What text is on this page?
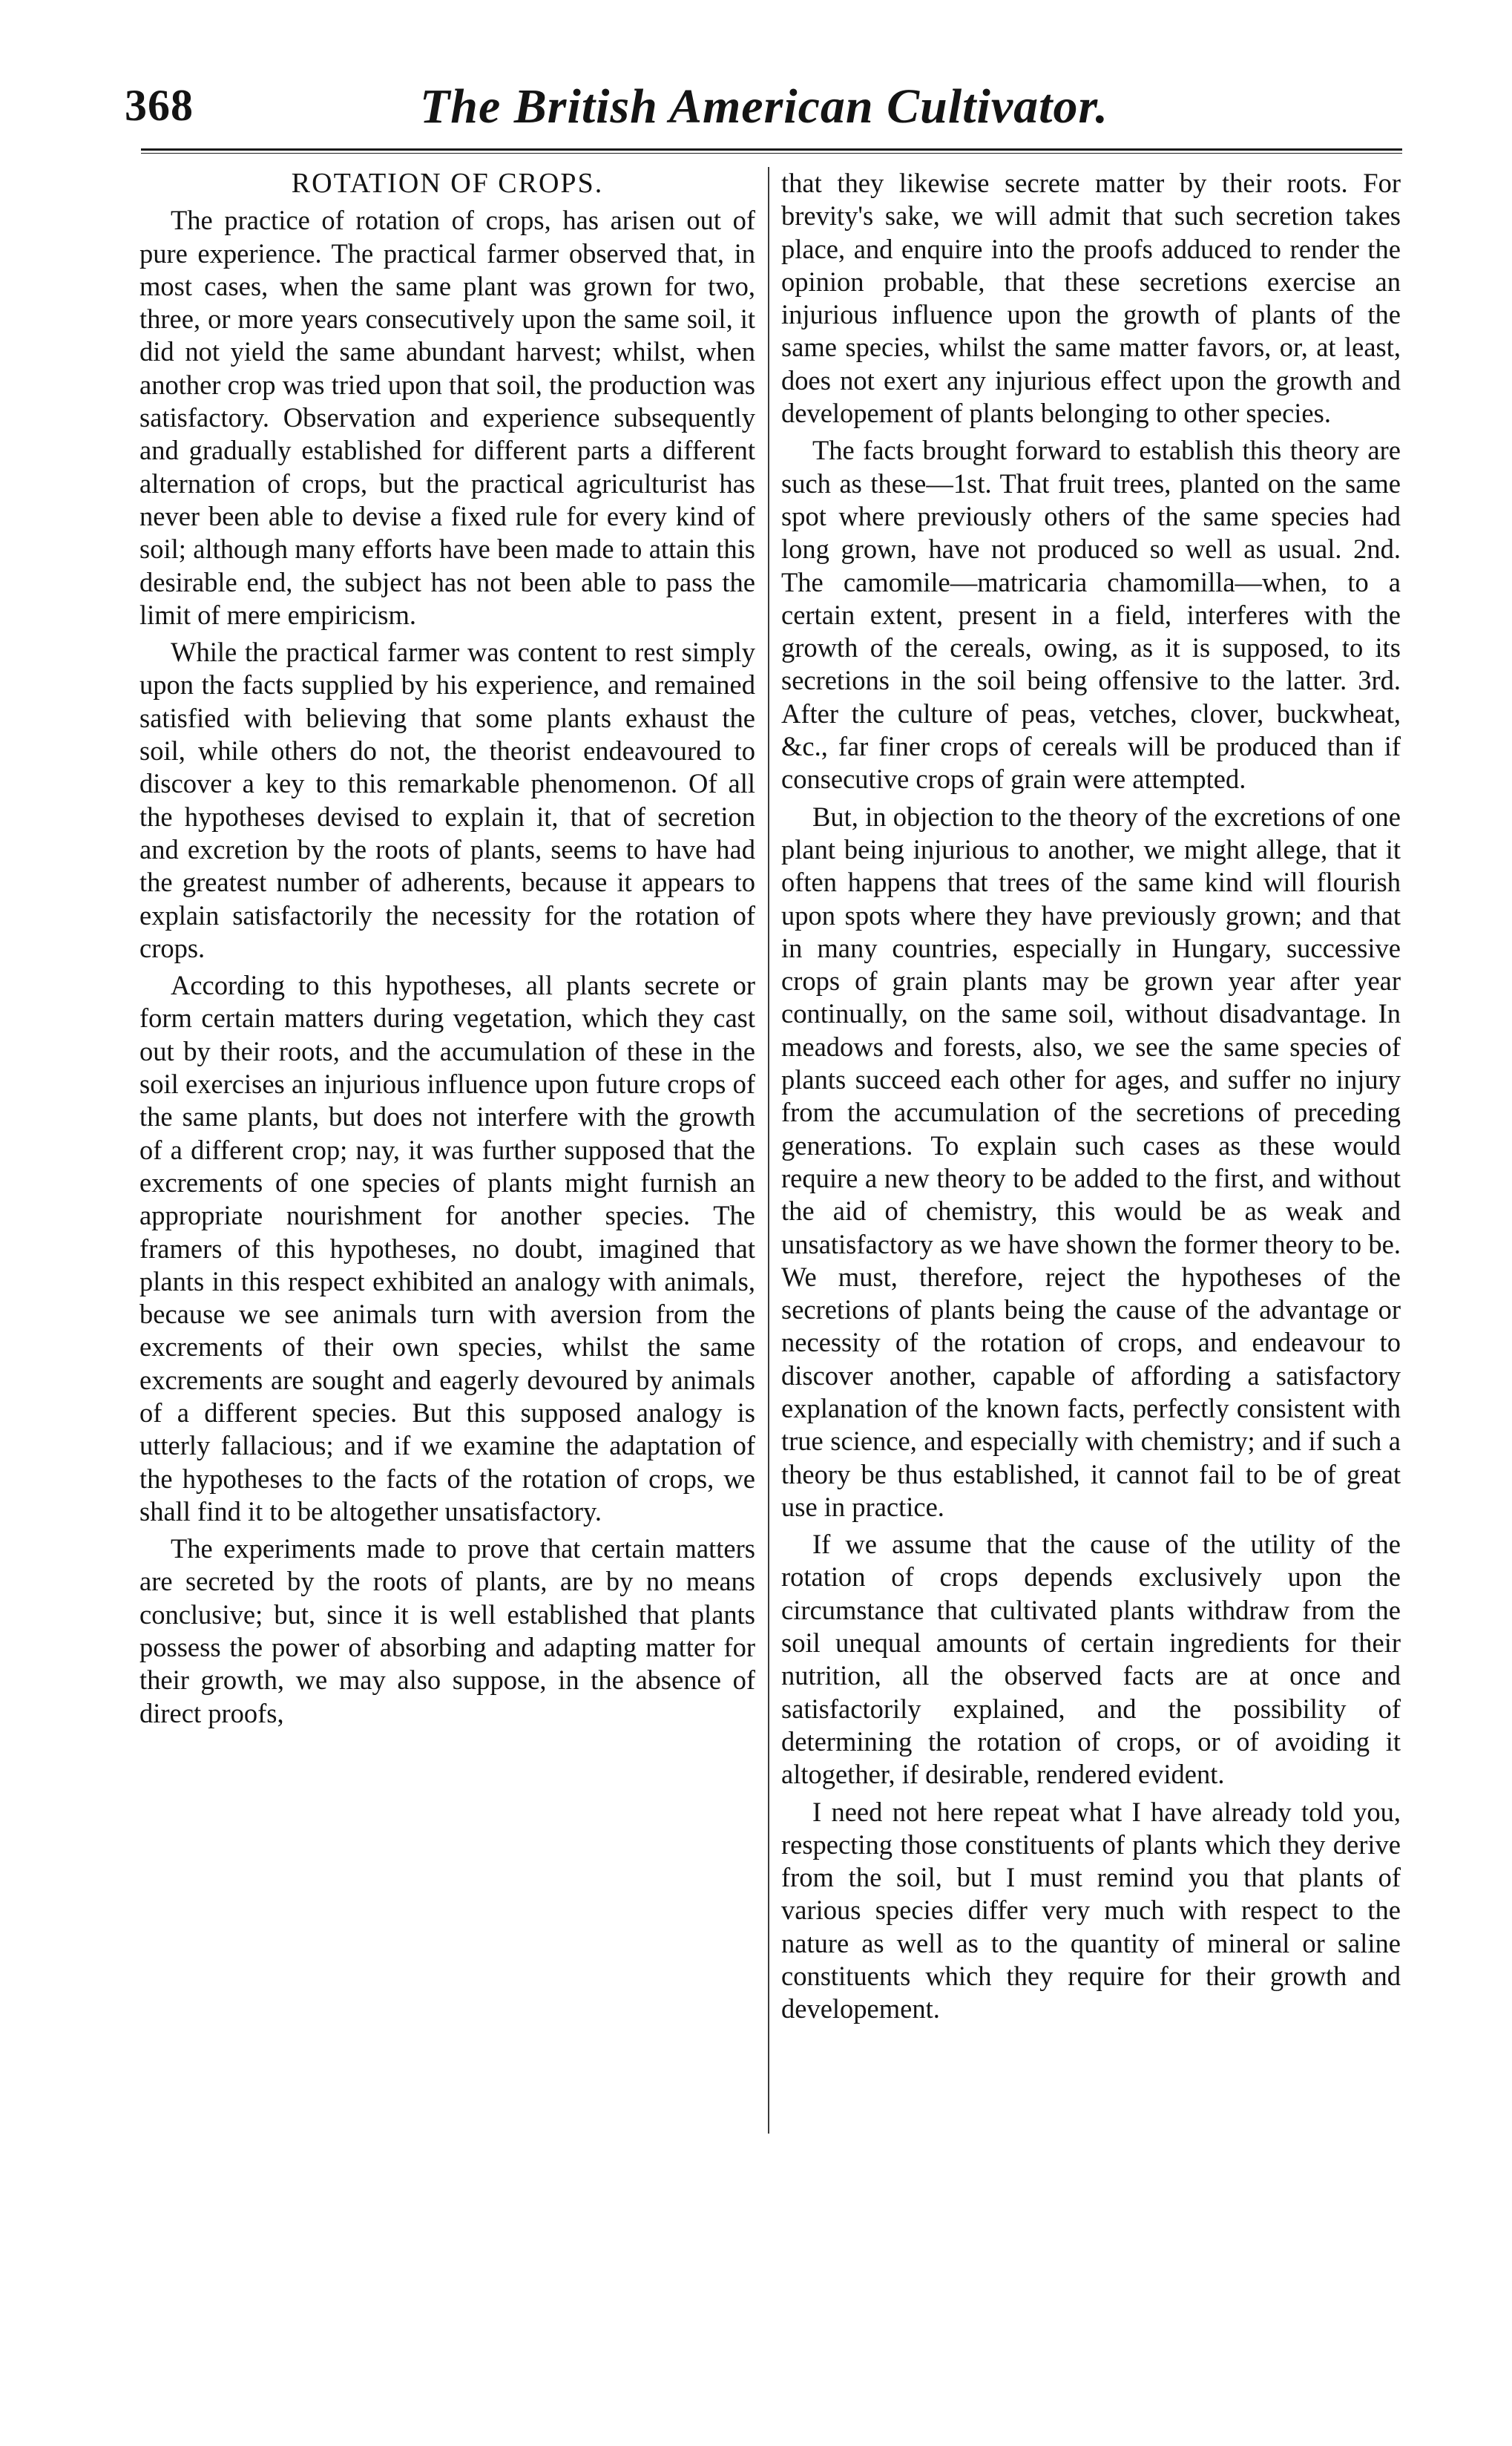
368	The British American Cultivator.
ROTATION OF CROPS.

The practice of rotation of crops, has arisen out of pure experience. The practical farmer observed that, in most cases, when the same plant was grown for two, three, or more years consecutively upon the same soil, it did not yield the same abundant harvest; whilst, when another crop was tried upon that soil, the production was satisfactory. Observation and experience subsequently and gradually established for different parts a different alternation of crops, but the practical agriculturist has never been able to devise a fixed rule for every kind of soil; although many efforts have been made to attain this desirable end, the subject has not been able to pass the limit of mere empiricism.

While the practical farmer was content to rest simply upon the facts supplied by his experience, and remained satisfied with believing that some plants exhaust the soil, while others do not, the theorist endeavoured to discover a key to this remarkable phenomenon. Of all the hypotheses devised to explain it, that of secretion and excretion by the roots of plants, seems to have had the greatest number of adherents, because it appears to explain satisfactorily the necessity for the rotation of crops.

According to this hypotheses, all plants secrete or form certain matters during vegetation, which they cast out by their roots, and the accumulation of these in the soil exercises an injurious influence upon future crops of the same plants, but does not interfere with the growth of a different crop; nay, it was further supposed that the excrements of one species of plants might furnish an appropriate nourishment for another species. The framers of this hypotheses, no doubt, imagined that plants in this respect exhibited an analogy with animals, because we see animals turn with aversion from the excrements of their own species, whilst the same excrements are sought and eagerly devoured by animals of a different species. But this supposed analogy is utterly fallacious; and if we examine the adaptation of the hypotheses to the facts of the rotation of crops, we shall find it to be altogether unsatisfactory.

The experiments made to prove that certain matters are secreted by the roots of plants, are by no means conclusive; but, since it is well established that plants possess the power of absorbing and adapting matter for their growth, we may also suppose, in the absence of direct proofs,

that they likewise secrete matter by their roots. For brevity's sake, we will admit that such secretion takes place, and enquire into the proofs adduced to render the opinion probable, that these secretions exercise an injurious influence upon the growth of plants of the same species, whilst the same matter favors, or, at least, does not exert any injurious effect upon the growth and developement of plants belonging to other species.

The facts brought forward to establish this theory are such as these—1st. That fruit trees, planted on the same spot where previously others of the same species had long grown, have not produced so well as usual. 2nd. The camomile—matricaria chamomilla—when, to a certain extent, present in a field, interferes with the growth of the cereals, owing, as it is supposed, to its secretions in the soil being offensive to the latter. 3rd. After the culture of peas, vetches, clover, buckwheat, &c., far finer crops of cereals will be produced than if consecutive crops of grain were attempted.

But, in objection to the theory of the excretions of one plant being injurious to another, we might allege, that it often happens that trees of the same kind will flourish upon spots where they have previously grown; and that in many countries, especially in Hungary, successive crops of grain plants may be grown year after year continually, on the same soil, without disadvantage. In meadows and forests, also, we see the same species of plants succeed each other for ages, and suffer no injury from the accumulation of the secretions of preceding generations. To explain such cases as these would require a new theory to be added to the first, and without the aid of chemistry, this would be as weak and unsatisfactory as we have shown the former theory to be. We must, therefore, reject the hypotheses of the secretions of plants being the cause of the advantage or necessity of the rotation of crops, and endeavour to discover another, capable of affording a satisfactory explanation of the known facts, perfectly consistent with true science, and especially with chemistry; and if such a theory be thus established, it cannot fail to be of great use in practice.

If we assume that the cause of the utility of the rotation of crops depends exclusively upon the circumstance that cultivated plants withdraw from the soil unequal amounts of certain ingredients for their nutrition, all the observed facts are at once and satisfactorily explained, and the possibility of determining the rotation of crops, or of avoiding it altogether, if desirable, rendered evident.

I need not here repeat what I have already told you, respecting those constituents of plants which they derive from the soil, but I must remind you that plants of various species differ very much with respect to the nature as well as to the quantity of mineral or saline constituents which they require for their growth and developement.
